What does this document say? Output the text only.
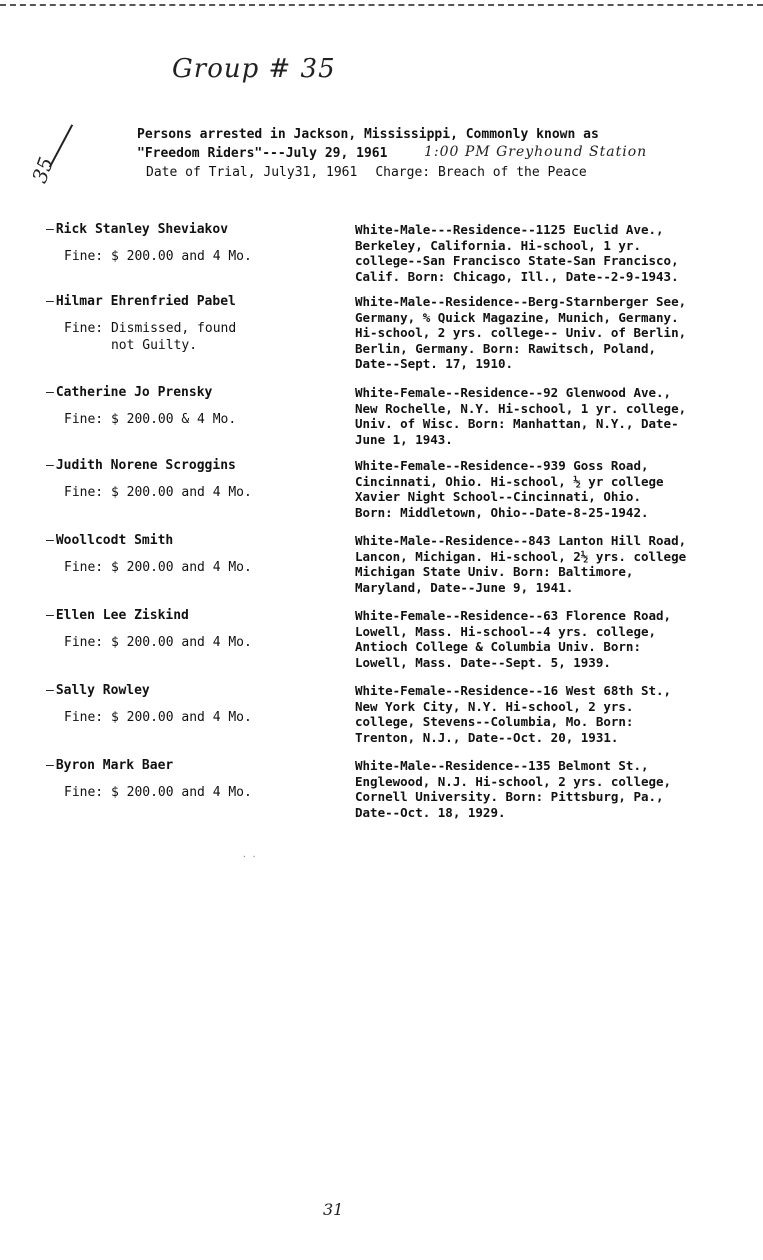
Group # 35
35
1:00 PM Greyhound Station
Persons arrested in Jackson, Mississippi, Commonly known as
"Freedom Riders"---July 29, 1961
Date of Trial, July31, 1961 Charge: Breach of the Peace
– Rick Stanley Sheviakov
Fine: $ 200.00 and 4 Mo.
White-Male---Residence--1125 Euclid Ave.,
Berkeley, California. Hi-school, 1 yr.
college--San Francisco State-San Francisco,
Calif. Born: Chicago, Ill., Date--2-9-1943.
– Hilmar Ehrenfried Pabel
Fine: Dismissed, found
not Guilty.
White-Male--Residence--Berg-Starnberger See,
Germany, % Quick Magazine, Munich, Germany.
Hi-school, 2 yrs. college-- Univ. of Berlin,
Berlin, Germany. Born: Rawitsch, Poland,
Date--Sept. 17, 1910.
– Catherine Jo Prensky
Fine: $ 200.00 & 4 Mo.
White-Female--Residence--92 Glenwood Ave.,
New Rochelle, N.Y. Hi-school, 1 yr. college,
Univ. of Wisc. Born: Manhattan, N.Y., Date-
June 1, 1943.
– Judith Norene Scroggins
Fine: $ 200.00 and 4 Mo.
White-Female--Residence--939 Goss Road,
Cincinnati, Ohio. Hi-school, ½ yr college
Xavier Night School--Cincinnati, Ohio.
Born: Middletown, Ohio--Date-8-25-1942.
– Woollcodt Smith
Fine: $ 200.00 and 4 Mo.
White-Male--Residence--843 Lanton Hill Road,
Lancon, Michigan. Hi-school, 2½ yrs. college
Michigan State Univ. Born: Baltimore,
Maryland, Date--June 9, 1941.
– Ellen Lee Ziskind
Fine: $ 200.00 and 4 Mo.
White-Female--Residence--63 Florence Road,
Lowell, Mass. Hi-school--4 yrs. college,
Antioch College & Columbia Univ. Born:
Lowell, Mass. Date--Sept. 5, 1939.
– Sally Rowley
Fine: $ 200.00 and 4 Mo.
White-Female--Residence--16 West 68th St.,
New York City, N.Y. Hi-school, 2 yrs.
college, Stevens--Columbia, Mo. Born:
Trenton, N.J., Date--Oct. 20, 1931.
– Byron Mark Baer
Fine: $ 200.00 and 4 Mo.
White-Male--Residence--135 Belmont St.,
Englewood, N.J. Hi-school, 2 yrs. college,
Cornell University. Born: Pittsburg, Pa.,
Date--Oct. 18, 1929.
· ·
31
